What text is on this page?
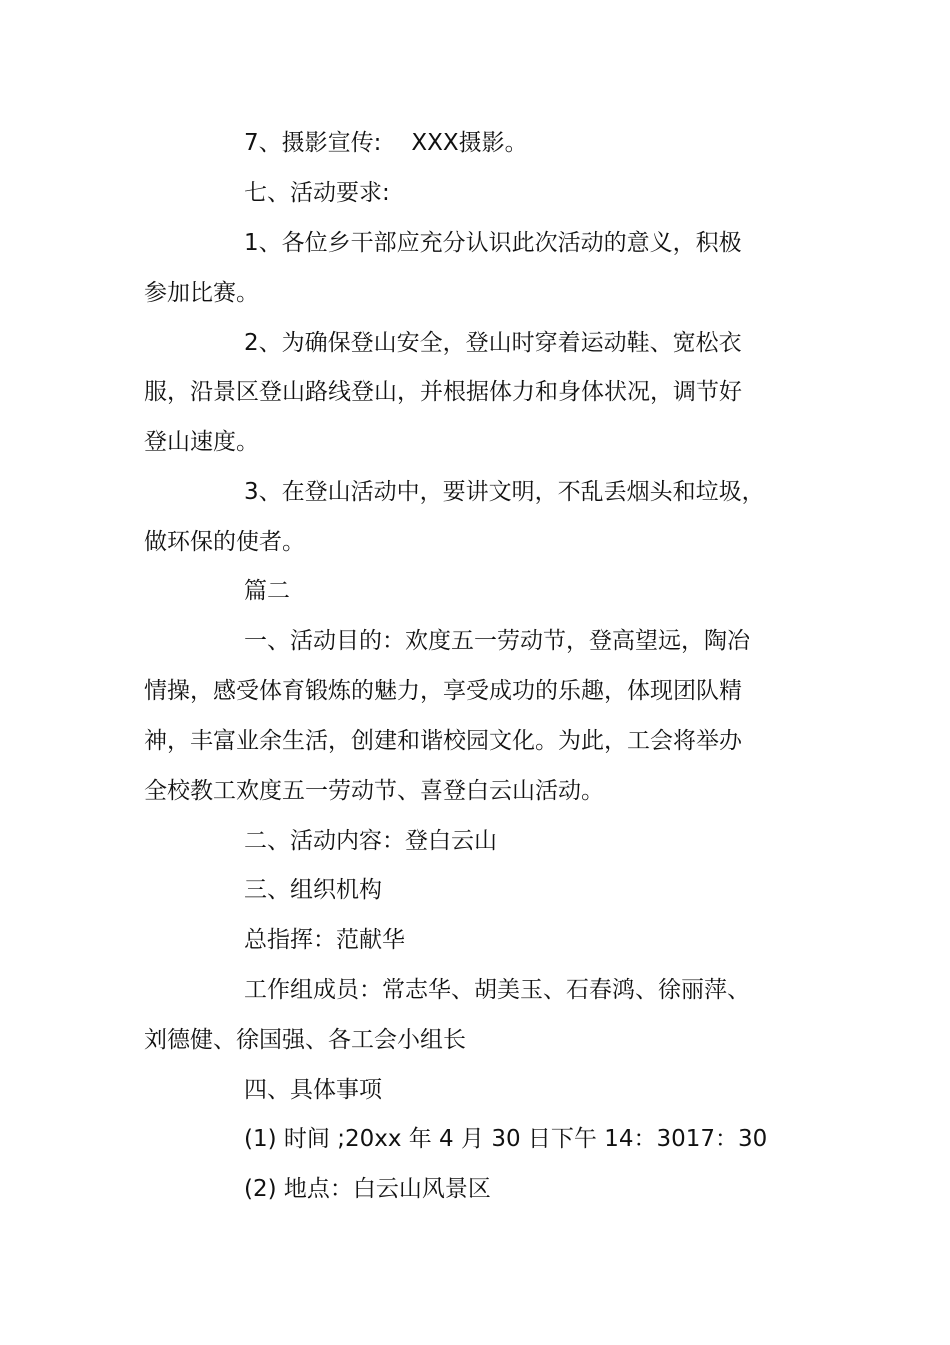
7、摄影宣传: XXX摄影。
七、活动要求:
1、各位乡干部应充分认识此次活动的意义，积极
参加比赛。
2、为确保登山安全，登山时穿着运动鞋、宽松衣
服，沿景区登山路线登山，并根据体力和身体状况，调节好
登山速度。
3、在登山活动中，要讲文明，不乱丢烟头和垃圾，
做环保的使者。
篇二
一、活动目的：欢度五一劳动节，登高望远，陶冶
情操，感受体育锻炼的魅力，享受成功的乐趣，体现团队精
神，丰富业余生活，创建和谐校园文化。为此，工会将举办
全校教工欢度五一劳动节、喜登白云山活动。
二、活动内容：登白云山
三、组织机构
总指挥：范献华
工作组成员：常志华、胡美玉、石春鸿、徐丽萍、
刘德健、徐国强、各工会小组长
四、具体事项
(1) 时间 ;20xx 年 4 月 30 日下午 14：3017：30
(2) 地点：白云山风景区
